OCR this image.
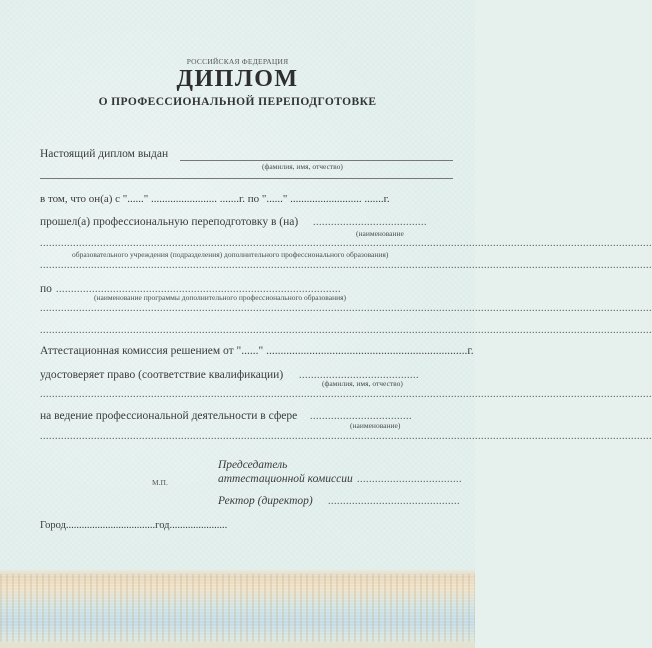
РОССИЙСКАЯ ФЕДЕРАЦИЯ
ДИПЛОМ
О ПРОФЕССИОНАЛЬНОЙ ПЕРЕПОДГОТОВКЕ
Настоящий диплом выдан
(фамилия, имя, отчество)
в том, что он(а) с "......" ........................ .......г. по "......" .......................... .......г.
прошел(а) профессиональную переподготовку в (на) ......................................
(наименование
............................................................................................................................................................................................................
образовательного учреждения (подразделения) дополнительного профессионального образования)
............................................................................................................................................................................................................
по ...............................................................................................
(наименование программы дополнительного профессионального образования)
............................................................................................................................................................................................................
............................................................................................................................................................................................................
Аттестационная комиссия решением от "......" ......................................................................г.
удостоверяет право (соответствие квалификации) ........................................
(фамилия, имя, отчество)
............................................................................................................................................................................................................
на ведение профессиональной деятельности в сфере ..................................
(наименование)
............................................................................................................................................................................................................
М.П.
Председатель
аттестационной комиссии ...................................
Ректор (директор) ............................................
Город..................................год......................
